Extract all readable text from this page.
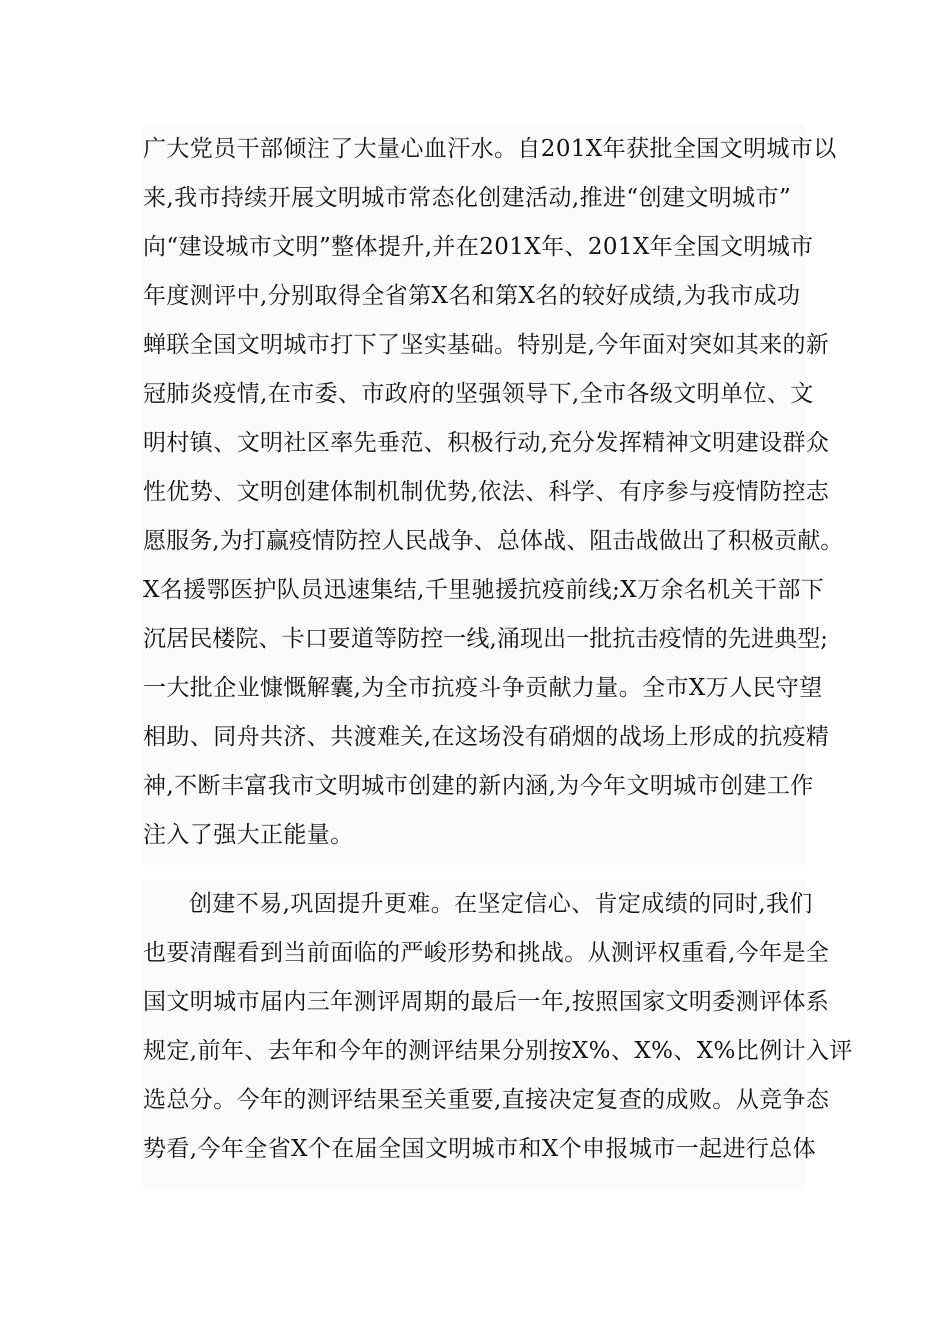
广大党员干部倾注了大量心血汗水。自201X年获批全国文明城市以

来,我市持续开展文明城市常态化创建活动,推进“创建文明城市”

向“建设城市文明”整体提升,并在201X年、201X年全国文明城市

年度测评中,分别取得全省第X名和第X名的较好成绩,为我市成功

蝉联全国文明城市打下了坚实基础。特别是,今年面对突如其来的新

冠肺炎疫情,在市委、市政府的坚强领导下,全市各级文明单位、文

明村镇、文明社区率先垂范、积极行动,充分发挥精神文明建设群众

性优势、文明创建体制机制优势,依法、科学、有序参与疫情防控志

愿服务,为打赢疫情防控人民战争、总体战、阻击战做出了积极贡献。

X名援鄂医护队员迅速集结,千里驰援抗疫前线;X万余名机关干部下

沉居民楼院、卡口要道等防控一线,涌现出一批抗击疫情的先进典型;

一大批企业慷慨解囊,为全市抗疫斗争贡献力量。全市X万人民守望

相助、同舟共济、共渡难关,在这场没有硝烟的战场上形成的抗疫精

神,不断丰富我市文明城市创建的新内涵,为今年文明城市创建工作

注入了强大正能量。

创建不易,巩固提升更难。在坚定信心、肯定成绩的同时,我们

也要清醒看到当前面临的严峻形势和挑战。从测评权重看,今年是全

国文明城市届内三年测评周期的最后一年,按照国家文明委测评体系

规定,前年、去年和今年的测评结果分别按X%、X%、X%比例计入评

选总分。今年的测评结果至关重要,直接决定复查的成败。从竞争态

势看,今年全省X个在届全国文明城市和X个申报城市一起进行总体
